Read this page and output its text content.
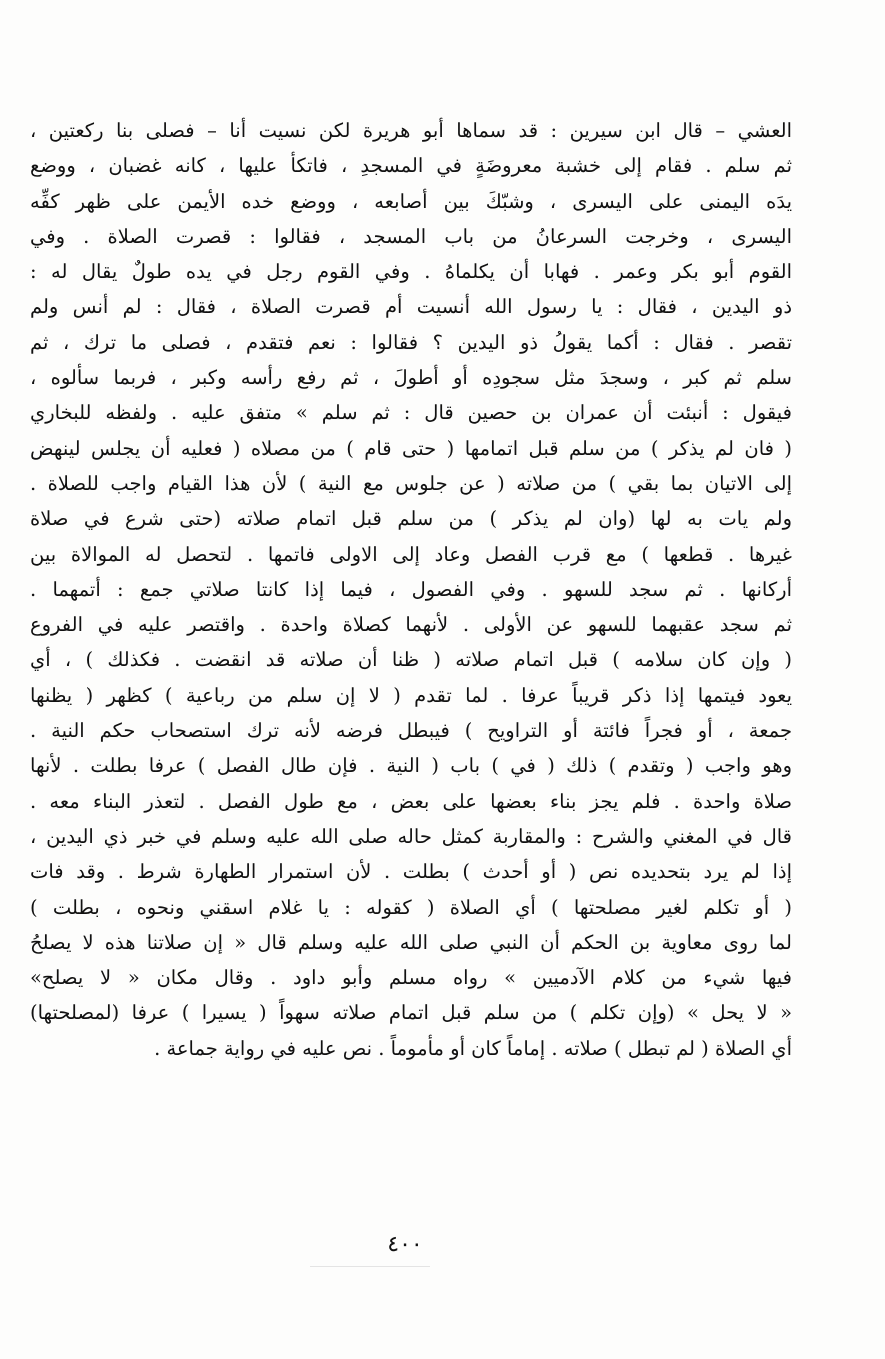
العشي – قال ابن سيرين : قد سماها أبو هريرة لكن نسيت أنا – فصلى بنا ركعتين ،
ثم سلم . فقام إلى خشبة معروضَةٍ في المسجدِ ، فاتكأ عليها ، كانه غضبان ، ووضع
يدَه اليمنى على اليسرى ، وشبّكَ بين أصابعه ، ووضع خده الأيمن على ظهر كفِّه
اليسرى ، وخرجت السرعانُ من باب المسجد ، فقالوا : قصرت الصلاة . وفي
القوم أبو بكر وعمر . فهابا أن يكلماهُ . وفي القوم رجل في يده طولٌ يقال له :
ذو اليدين ، فقال : يا رسول الله أنسيت أم قصرت الصلاة ، فقال : لم أنس ولم
تقصر . فقال : أكما يقولُ ذو اليدين ؟ فقالوا : نعم فتقدم ، فصلى ما ترك ، ثم
سلم ثم كبر ، وسجدَ مثل سجودِه أو أطولَ ، ثم رفع رأسه وكبر ، فربما سألوه ،
فيقول : أنبئت أن عمران بن حصين قال : ثم سلم » متفق عليه . ولفظه للبخاري
( فان لم يذكر ) من سلم قبل اتمامها ( حتى قام ) من مصلاه ( فعليه أن يجلس لينهض
إلى الاتيان بما بقي ) من صلاته ( عن جلوس مع النية ) لأن هذا القيام واجب للصلاة .
ولم يات به لها (وان لم يذكر ) من سلم قبل اتمام صلاته (حتى شرع في صلاة
غيرها . قطعها ) مع قرب الفصل وعاد إلى الاولى فاتمها . لتحصل له الموالاة بين
أركانها . ثم سجد للسهو . وفي الفصول ، فيما إذا كانتا صلاتي جمع : أتمهما .
ثم سجد عقبهما للسهو عن الأولى . لأنهما كصلاة واحدة . واقتصر عليه في الفروع
( وإن كان سلامه ) قبل اتمام صلاته ( ظنا أن صلاته قد انقضت . فكذلك ) ، أي
يعود فيتمها إذا ذكر قريباً عرفا . لما تقدم ( لا إن سلم من رباعية ) كظهر ( يظنها
جمعة ، أو فجراً فائتة أو التراويح ) فيبطل فرضه لأنه ترك استصحاب حكم النية .
وهو واجب ( وتقدم ) ذلك ( في ) باب ( النية . فإن طال الفصل ) عرفا بطلت . لأنها
صلاة واحدة . فلم يجز بناء بعضها على بعض ، مع طول الفصل . لتعذر البناء معه .
قال في المغني والشرح : والمقاربة كمثل حاله صلى الله عليه وسلم في خبر ذي اليدين ،
إذا لم يرد بتحديده نص ( أو أحدث ) بطلت . لأن استمرار الطهارة شرط . وقد فات
( أو تكلم لغير مصلحتها ) أي الصلاة ( كقوله : يا غلام اسقني ونحوه ، بطلت )
لما روى معاوية بن الحكم أن النبي صلى الله عليه وسلم قال « إن صلاتنا هذه لا يصلحُ
فيها شيء من كلام الآدميين » رواه مسلم وأبو داود . وقال مكان « لا يصلح»
« لا يحل » (وإن تكلم ) من سلم قبل اتمام صلاته سهواً ( يسيرا ) عرفا (لمصلحتها)
أي الصلاة ( لم تبطل ) صلاته . إماماً كان أو مأموماً . نص عليه في رواية جماعة .
٤٠٠
